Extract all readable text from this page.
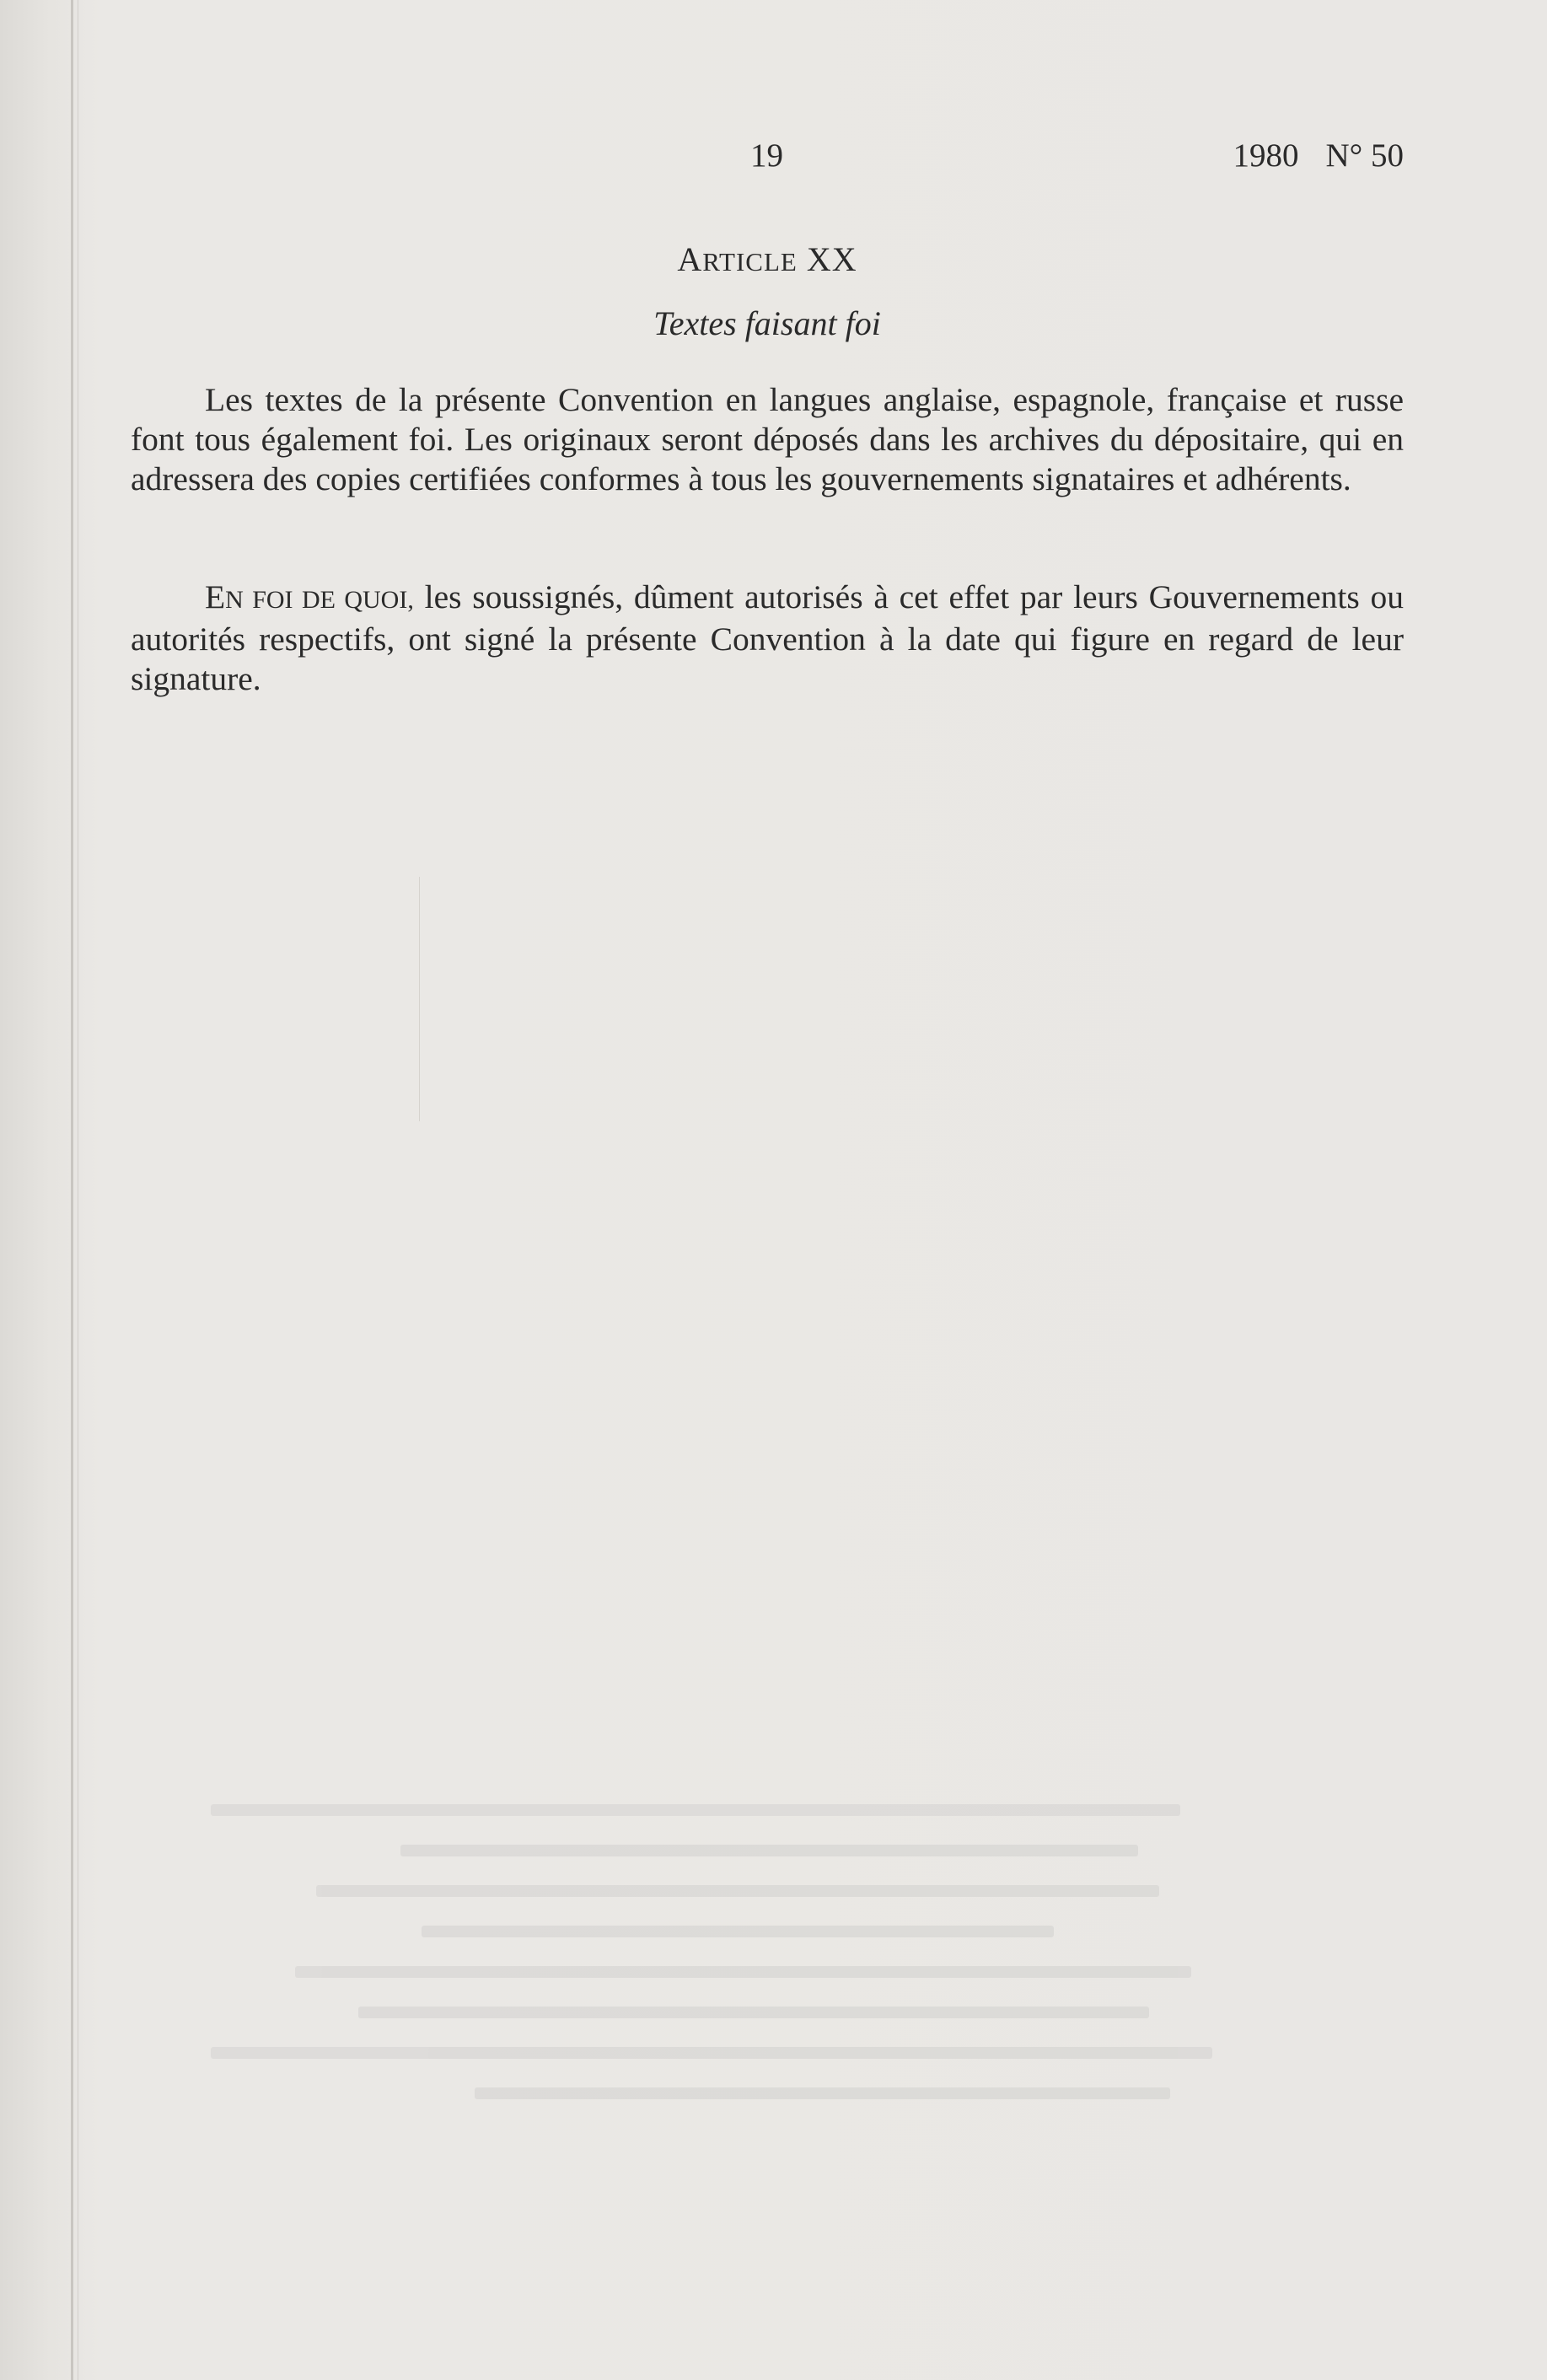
19	1980 N° 50
ARTICLE XX
Textes faisant foi
Les textes de la présente Convention en langues anglaise, espagnole, française et russe font tous également foi. Les originaux seront déposés dans les archives du dépositaire, qui en adressera des copies certifiées conformes à tous les gouvernements signataires et adhérents.
EN FOI DE QUOI, les soussignés, dûment autorisés à cet effet par leurs Gouvernements ou autorités respectifs, ont signé la présente Convention à la date qui figure en regard de leur signature.
